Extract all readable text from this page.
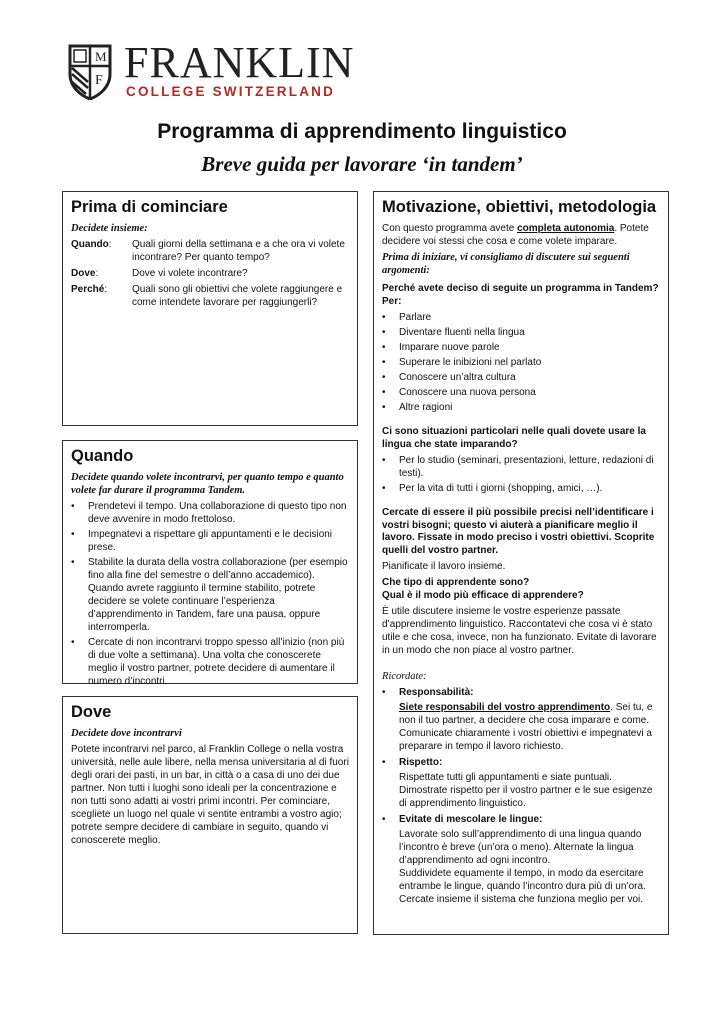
M
F FRANKLIN
COLLEGE SWITZERLAND
Programma di apprendimento linguistico
Breve guida per lavorare ‘in tandem’
Prima di cominciare
Decidete insieme:
Quando:	Quali giorni della settimana e a che ora vi volete incontrare? Per quanto tempo?
Dove:	Dove vi volete incontrare?
Perché:	Quali sono gli obiettivi che volete raggiungere e come intendete lavorare per raggiungerli?
Quando
Decidete quando volete incontrarvi, per quanto tempo e quanto volete far durare il programma Tandem.
• Prendetevi il tempo. Una collaborazione di questo tipo non deve avvenire in modo frettoloso.
• Impegnatevi a rispettare gli appuntamenti e le decisioni prese.
• Stabilite la durata della vostra collaborazione (per esempio fino alla fine del semestre o dell’anno accademico). Quando avrete raggiunto il termine stabilito, potrete decidere se volete continuare l’esperienza d’apprendimento in Tandem, fare una pausa, oppure interromperla.
• Cercate di non incontrarvi troppo spesso all’inizio (non più di due volte a settimana). Una volta che conoscerete meglio il vostro partner, potrete decidere di aumentare il numero d’incontri.
Dove
Decidete dove incontrarvi

Potete incontrarvi nel parco, al Franklin College o nella vostra università, nelle aule libere, nella mensa universitaria al di fuori degli orari dei pasti, in un bar, in città o a casa di uno dei due partner. Non tutti i luoghi sono ideali per la concentrazione e non tutti sono adatti ai vostri primi incontri. Per cominciare, scegliete un luogo nel quale vi sentite entrambi a vostro agio; potrete sempre decidere di cambiare in seguito, quando vi conoscerete meglio.

Motivazione, obiettivi, metodologia

Con questo programma avete completa autonomia. Potete decidere voi stessi che cosa e come volete imparare.

Prima di iniziare, vi consigliamo di discutere sui seguenti argomenti:
Perché avete deciso di seguite un programma in Tandem?
Per:
• Parlare
• Diventare fluenti nella lingua
• Imparare nuove parole
• Superare le inibizioni nel parlato
• Conoscere un’altra cultura
• Conoscere una nuova persona
• Altre ragioni
Ci sono situazioni particolari nelle quali dovete usare la lingua che state imparando?
• Per lo studio (seminari, presentazioni, letture, redazioni di testi).
• Per la vita di tutti i giorni (shopping, amici, …).
Cercate di essere il più possibile precisi nell’identificare i vostri bisogni; questo vi aiuterà a pianificare meglio il lavoro. Fissate in modo preciso i vostri obiettivi. Scoprite quelli del vostro partner.

Pianificate il lavoro insieme.

Che tipo di apprendente sono?
Qual è il modo più efficace di apprendere?

È utile discutere insieme le vostre esperienze passate d’apprendimento linguistico. Raccontatevi che cosa vi è stato utile e che cosa, invece, non ha funzionato. Evitate di lavorare in un modo che non piace al vostro partner.

Ricordate:
• Responsabilità:
Siete responsabili del vostro apprendimento. Sei tu, e non il tuo partner, a decidere che cosa imparare e come. Comunicate chiaramente i vostri obiettivi e impegnatevi a preparare in tempo il lavoro richiesto.
• Rispetto:
Rispettate tutti gli appuntamenti e siate puntuali. Dimostrate rispetto per il vostro partner e le sue esigenze di apprendimento linguistico.
• Evitate di mescolare le lingue:
Lavorate solo sull’apprendimento di una lingua quando l’incontro è breve (un’ora o meno). Alternate la lingua d’apprendimento ad ogni incontro.
Suddividete equamente il tempo, in modo da esercitare entrambe le lingue, quando l’incontro dura più di un’ora.
Cercate insieme il sistema che funziona meglio per voi.
